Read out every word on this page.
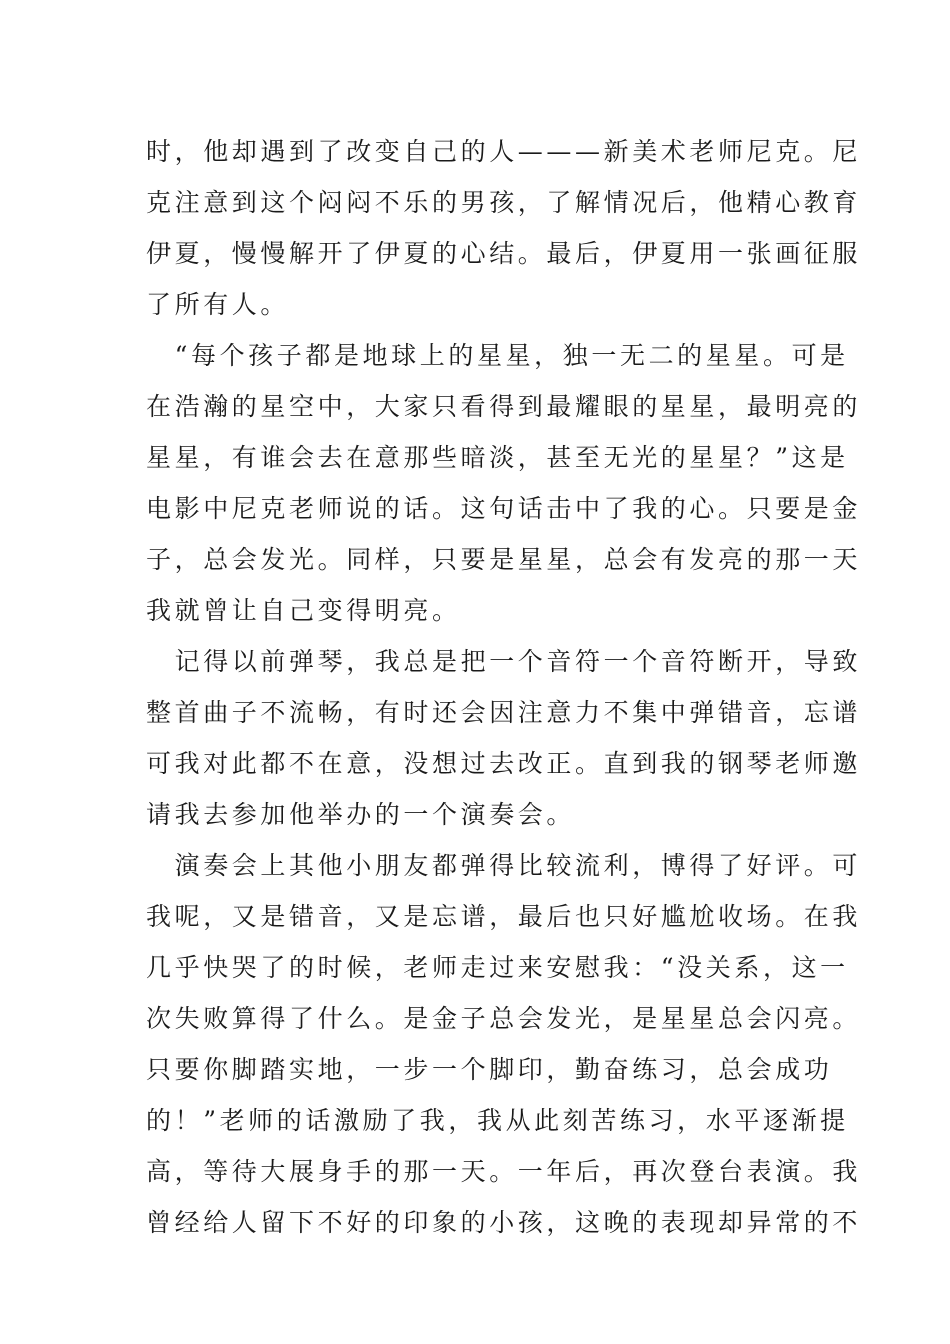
时，他却遇到了改变自己的人———新美术老师尼克。尼
克注意到这个闷闷不乐的男孩，了解情况后，他精心教育
伊夏，慢慢解开了伊夏的心结。最后，伊夏用一张画征服
了所有人。
　“每个孩子都是地球上的星星，独一无二的星星。可是
在浩瀚的星空中，大家只看得到最耀眼的星星，最明亮的
星星，有谁会去在意那些暗淡，甚至无光的星星？”这是
电影中尼克老师说的话。这句话击中了我的心。只要是金
子，总会发光。同样，只要是星星，总会有发亮的那一天
我就曾让自己变得明亮。
　记得以前弹琴，我总是把一个音符一个音符断开，导致
整首曲子不流畅，有时还会因注意力不集中弹错音，忘谱
可我对此都不在意，没想过去改正。直到我的钢琴老师邀
请我去参加他举办的一个演奏会。
　演奏会上其他小朋友都弹得比较流利，博得了好评。可
我呢，又是错音，又是忘谱，最后也只好尴尬收场。在我
几乎快哭了的时候，老师走过来安慰我：“没关系，这一
次失败算得了什么。是金子总会发光，是星星总会闪亮。
只要你脚踏实地，一步一个脚印，勤奋练习，总会成功
的！”老师的话激励了我，我从此刻苦练习，水平逐渐提
高，等待大展身手的那一天。一年后，再次登台表演。我
曾经给人留下不好的印象的小孩，这晚的表现却异常的不
